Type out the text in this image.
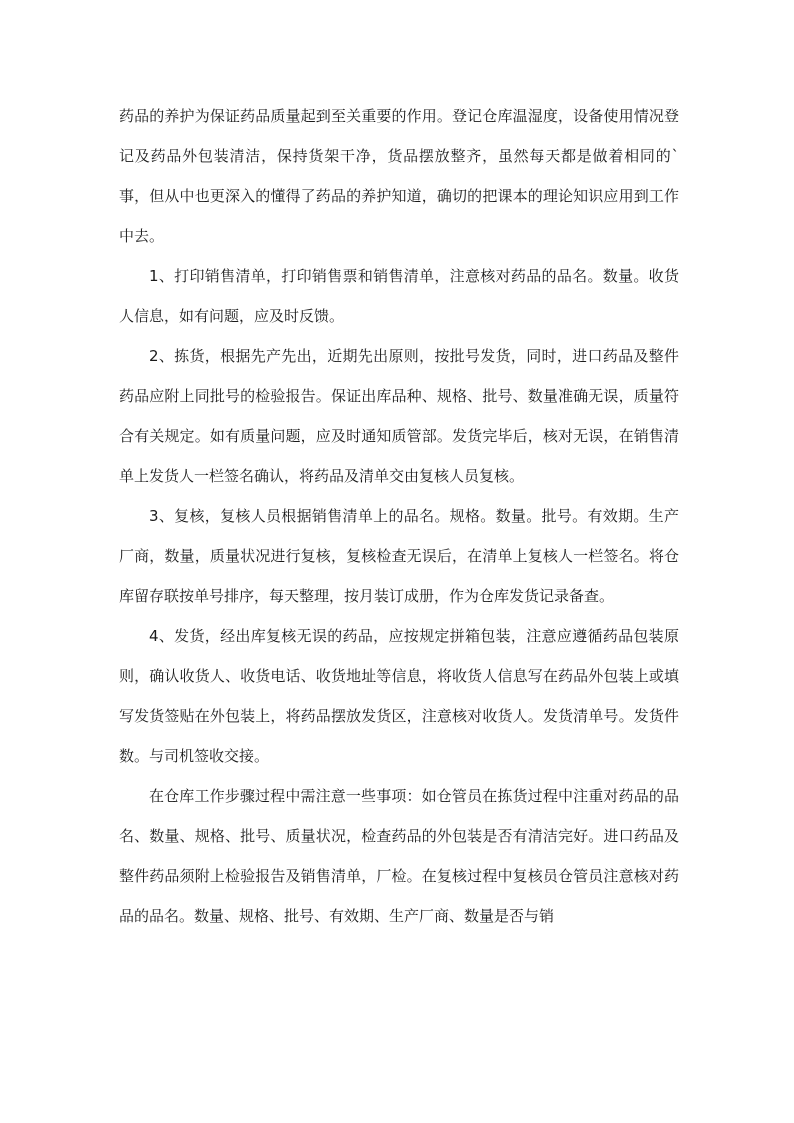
药品的养护为保证药品质量起到至关重要的作用。登记仓库温湿度，设备使用情况登记及药品外包装清洁，保持货架干净，货品摆放整齐，虽然每天都是做着相同的`事，但从中也更深入的懂得了药品的养护知道，确切的把课本的理论知识应用到工作中去。

1、打印销售清单，打印销售票和销售清单，注意核对药品的品名。数量。收货人信息，如有问题，应及时反馈。

2、拣货，根据先产先出，近期先出原则，按批号发货，同时，进口药品及整件药品应附上同批号的检验报告。保证出库品种、规格、批号、数量准确无误，质量符合有关规定。如有质量问题，应及时通知质管部。发货完毕后，核对无误，在销售清单上发货人一栏签名确认，将药品及清单交由复核人员复核。

3、复核，复核人员根据销售清单上的品名。规格。数量。批号。有效期。生产厂商，数量，质量状况进行复核，复核检查无误后，在清单上复核人一栏签名。将仓库留存联按单号排序，每天整理，按月装订成册，作为仓库发货记录备查。

4、发货，经出库复核无误的药品，应按规定拼箱包装，注意应遵循药品包装原则，确认收货人、收货电话、收货地址等信息，将收货人信息写在药品外包装上或填写发货签贴在外包装上，将药品摆放发货区，注意核对收货人。发货清单号。发货件数。与司机签收交接。

在仓库工作步骤过程中需注意一些事项：如仓管员在拣货过程中注重对药品的品名、数量、规格、批号、质量状况，检查药品的外包装是否有清洁完好。进口药品及整件药品须附上检验报告及销售清单，厂检。在复核过程中复核员仓管员注意核对药品的品名。数量、规格、批号、有效期、生产厂商、数量是否与销
